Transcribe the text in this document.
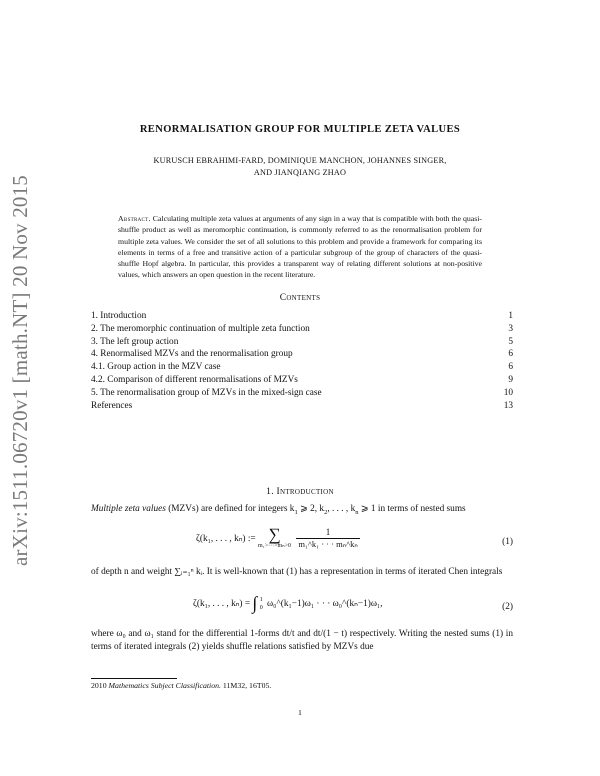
arXiv:1511.06720v1 [math.NT] 20 Nov 2015
RENORMALISATION GROUP FOR MULTIPLE ZETA VALUES
KURUSCH EBRAHIMI-FARD, DOMINIQUE MANCHON, JOHANNES SINGER,
AND JIANQIANG ZHAO
Abstract. Calculating multiple zeta values at arguments of any sign in a way that is compatible with both the quasi-shuffle product as well as meromorphic continuation, is commonly referred to as the renormalisation problem for multiple zeta values. We consider the set of all solutions to this problem and provide a framework for comparing its elements in terms of a free and transitive action of a particular subgroup of the group of characters of the quasi-shuffle Hopf algebra. In particular, this provides a transparent way of relating different solutions at non-positive values, which answers an open question in the recent literature.
Contents
1. Introduction	1
2. The meromorphic continuation of multiple zeta function	3
3. The left group action	5
4. Renormalised MZVs and the renormalisation group	6
4.1. Group action in the MZV case	6
4.2. Comparison of different renormalisations of MZVs	9
5. The renormalisation group of MZVs in the mixed-sign case	10
References	13
1. Introduction
Multiple zeta values (MZVs) are defined for integers $k_1$ ⩾ 2, $k_2$, . . . , $k_n$ ⩾ 1 in terms of nested sums
ζ(k₁, . . . , kₙ) := ∑
m₁>···>mₙ>0
$\frac{1}{\text{m₁\textasciicircum{}k₁ · · · mₙ\textasciicircum{}kₙ}}$	(1)
of depth n and weight ∑ᵢ₌₁ⁿ kᵢ. It is well-known that (1) has a representation in terms of iterated Chen integrals
ζ(k₁, . . . , kₙ) = ∫ 1
0 ω₀^(k₁−1)ω₁ · · · ω₀^(kₙ−1)ω₁,	(2)
where ω₀ and ω₁ stand for the differential 1-forms dt/t and dt/(1 − t) respectively. Writing the nested sums (1) in terms of iterated integrals (2) yields shuffle relations satisfied by MZVs due
2010 Mathematics Subject Classification. 11M32, 16T05.
1
